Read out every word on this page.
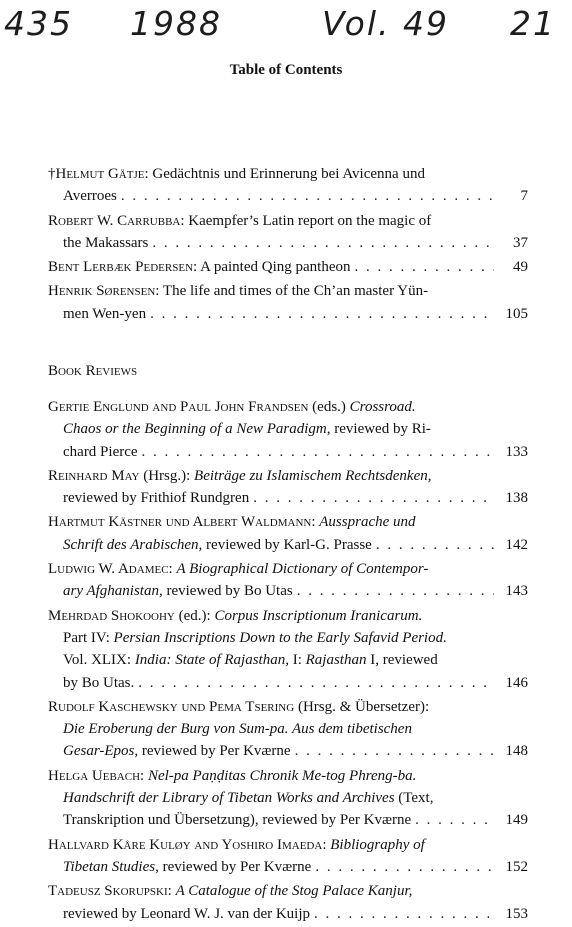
435 1988	Vol. 49 21
Table of Contents
†Helmut Gätje: Gedächtnis und Erinnerung bei Avicenna und
Averroes . . .	7
Robert W. Carrubba: Kaempfer’s Latin report on the magic of
the Makassars . . .	37
Bent Lerbæk Pedersen: A painted Qing pantheon . . .	49
Henrik Sørensen: The life and times of the Ch’an master Yün-
men Wen-yen . . .	105
Book Reviews
Gertie Englund and Paul John Frandsen (eds.) Crossroad.
Chaos or the Beginning of a New Paradigm, reviewed by Ri-
chard Pierce . . .	133
Reinhard May (Hrsg.): Beiträge zu Islamischem Rechtsdenken,
reviewed by Frithiof Rundgren . . .	138
Hartmut Kästner und Albert Waldmann: Aussprache und
Schrift des Arabischen, reviewed by Karl-G. Prasse . . .	142
Ludwig W. Adamec: A Biographical Dictionary of Contempor-
ary Afghanistan, reviewed by Bo Utas . . .	143
Mehrdad Shokoohy (ed.): Corpus Inscriptionum Iranicarum.
Part IV: Persian Inscriptions Down to the Early Safavid Period.
Vol. XLIX: India: State of Rajasthan, I: Rajasthan I, reviewed
by Bo Utas. . . .	146
Rudolf Kaschewsky und Pema Tsering (Hrsg. & Übersetzer):
Die Eroberung der Burg von Sum-pa. Aus dem tibetischen
Gesar-Epos, reviewed by Per Kværne . . .	148
Helga Uebach: Nel-pa Paṇḍitas Chronik Me-tog Phreng-ba.
Handschrift der Library of Tibetan Works and Archives (Text,
Transkription und Übersetzung), reviewed by Per Kværne . . .	149
Hallvard Kåre Kuløy and Yoshiro Imaeda: Bibliography of
Tibetan Studies, reviewed by Per Kværne . . .	152
Tadeusz Skorupski: A Catalogue of the Stog Palace Kanjur,
reviewed by Leonard W. J. van der Kuijp . . .	153
